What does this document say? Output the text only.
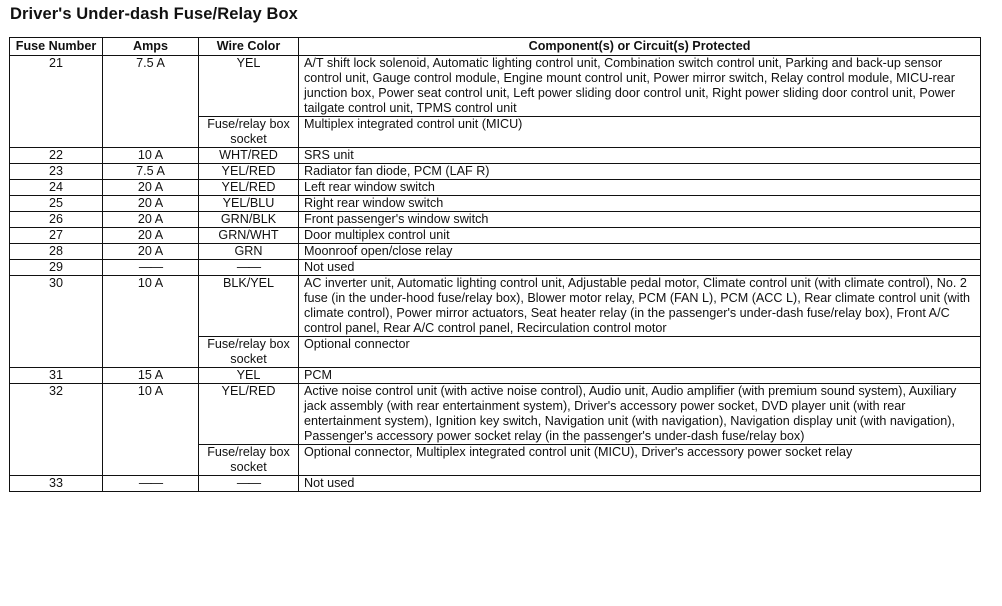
Driver's Under-dash Fuse/Relay Box
Fuse Number	Amps	Wire Color	Component(s) or Circuit(s) Protected
21	7.5 A	YEL	A/T shift lock solenoid, Automatic lighting control unit, Combination switch control unit, Parking and back-up sensor control unit, Gauge control module, Engine mount control unit, Power mirror switch, Relay control module, MICU-rear junction box, Power seat control unit, Left power sliding door control unit, Right power sliding door control unit, Power tailgate control unit, TPMS control unit
		Fuse/relay box socket	Multiplex integrated control unit (MICU)
22	10 A	WHT/RED	SRS unit
23	7.5 A	YEL/RED	Radiator fan diode, PCM (LAF R)
24	20 A	YEL/RED	Left rear window switch
25	20 A	YEL/BLU	Right rear window switch
26	20 A	GRN/BLK	Front passenger's window switch
27	20 A	GRN/WHT	Door multiplex control unit
28	20 A	GRN	Moonroof open/close relay
29	——	——	Not used
30	10 A	BLK/YEL	AC inverter unit, Automatic lighting control unit, Adjustable pedal motor, Climate control unit (with climate control), No. 2 fuse (in the under-hood fuse/relay box), Blower motor relay, PCM (FAN L), PCM (ACC L), Rear climate control unit (with climate control), Power mirror actuators, Seat heater relay (in the passenger's under-dash fuse/relay box), Front A/C control panel, Rear A/C control panel, Recirculation control motor
		Fuse/relay box socket	Optional connector
31	15 A	YEL	PCM
32	10 A	YEL/RED	Active noise control unit (with active noise control), Audio unit, Audio amplifier (with premium sound system), Auxiliary jack assembly (with rear entertainment system), Driver's accessory power socket, DVD player unit (with rear entertainment system), Ignition key switch, Navigation unit (with navigation), Navigation display unit (with navigation), Passenger's accessory power socket relay (in the passenger's under-dash fuse/relay box)
		Fuse/relay box socket	Optional connector, Multiplex integrated control unit (MICU), Driver's accessory power socket relay
33	——	——	Not used
